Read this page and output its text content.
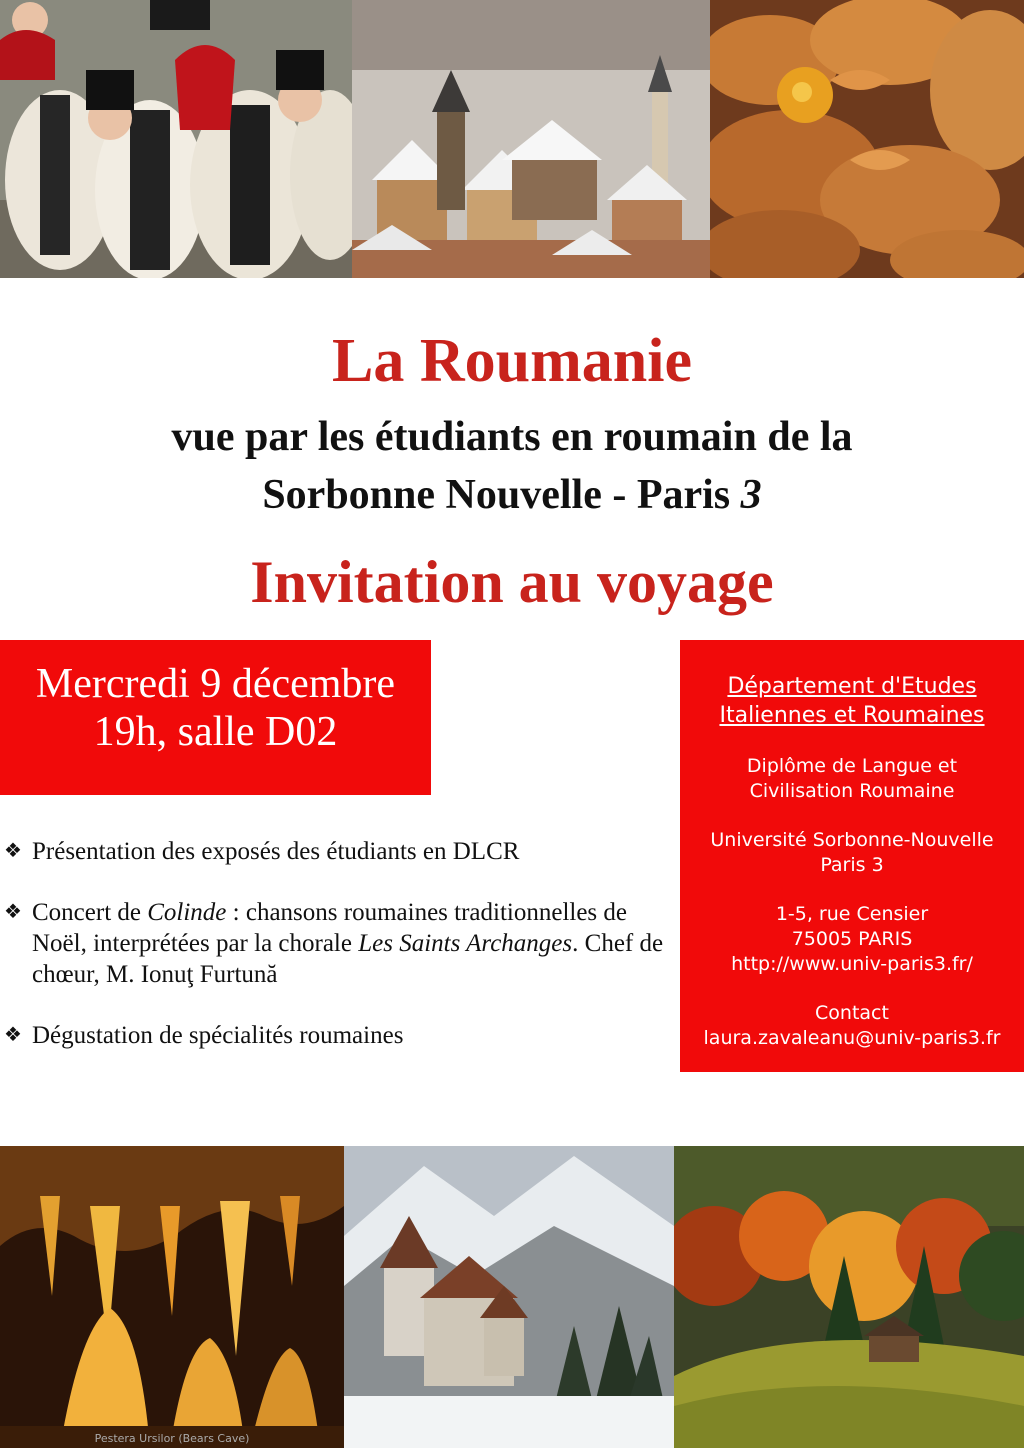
La Roumanie
vue par les étudiants en roumain de la
Sorbonne Nouvelle - Paris 3
Invitation au voyage
Mercredi 9 décembre
19h, salle D02

Département d'Etudes
Italiennes et Roumaines

Diplôme de Langue et
Civilisation Roumaine

Université Sorbonne-Nouvelle
Paris 3

1-5, rue Censier
75005 PARIS
http://www.univ-paris3.fr/

Contact
laura.zavaleanu@univ-paris3.fr

❖ Présentation des exposés des étudiants en DLCR
❖ Concert de Colinde : chansons roumaines traditionnelles de Noël, interprétées par la chorale Les Saints Archanges. Chef de chœur, M. Ionuţ Furtună
❖ Dégustation de spécialités roumaines
Pestera Ursilor (Bears Cave)
